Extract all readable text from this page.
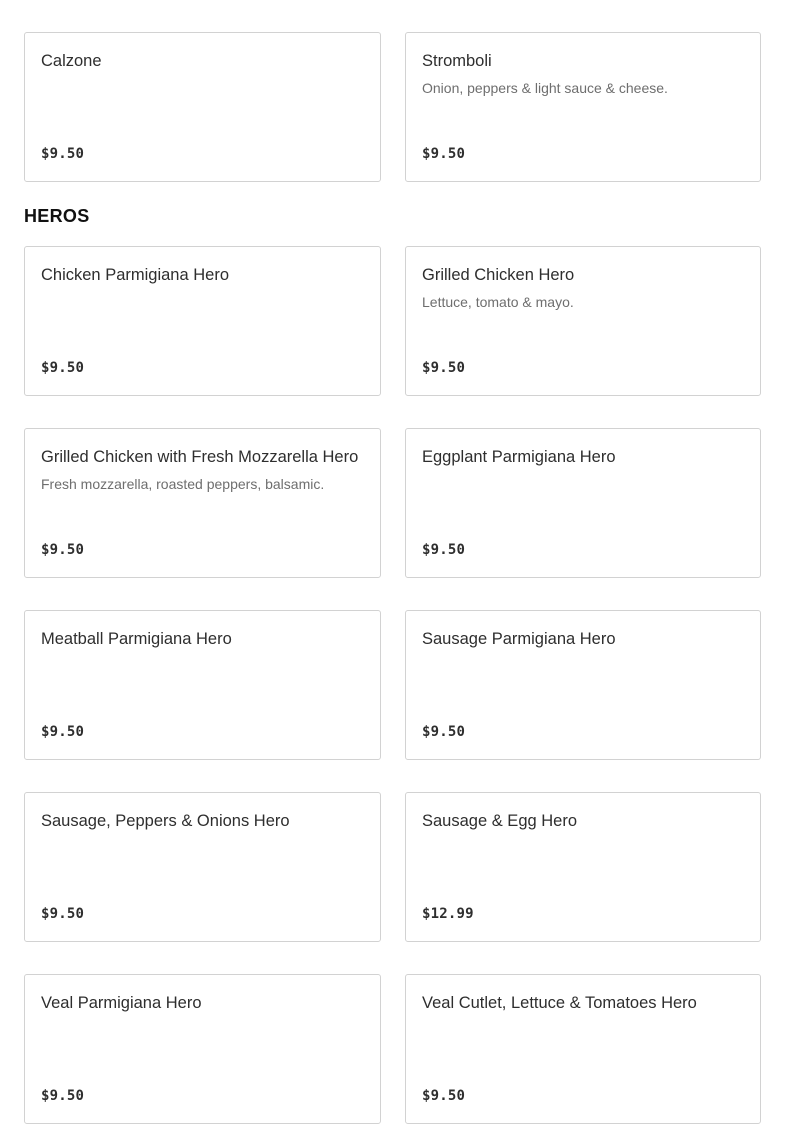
Calzone
$9.50
Stromboli
Onion, peppers & light sauce & cheese.
$9.50
HEROS
Chicken Parmigiana Hero
$9.50
Grilled Chicken Hero
Lettuce, tomato & mayo.
$9.50
Grilled Chicken with Fresh Mozzarella Hero
Fresh mozzarella, roasted peppers, balsamic.
$9.50
Eggplant Parmigiana Hero
$9.50
Meatball Parmigiana Hero
$9.50
Sausage Parmigiana Hero
$9.50
Sausage, Peppers & Onions Hero
$9.50
Sausage & Egg Hero
$12.99
Veal Parmigiana Hero
$9.50
Veal Cutlet, Lettuce & Tomatoes Hero
$9.50
